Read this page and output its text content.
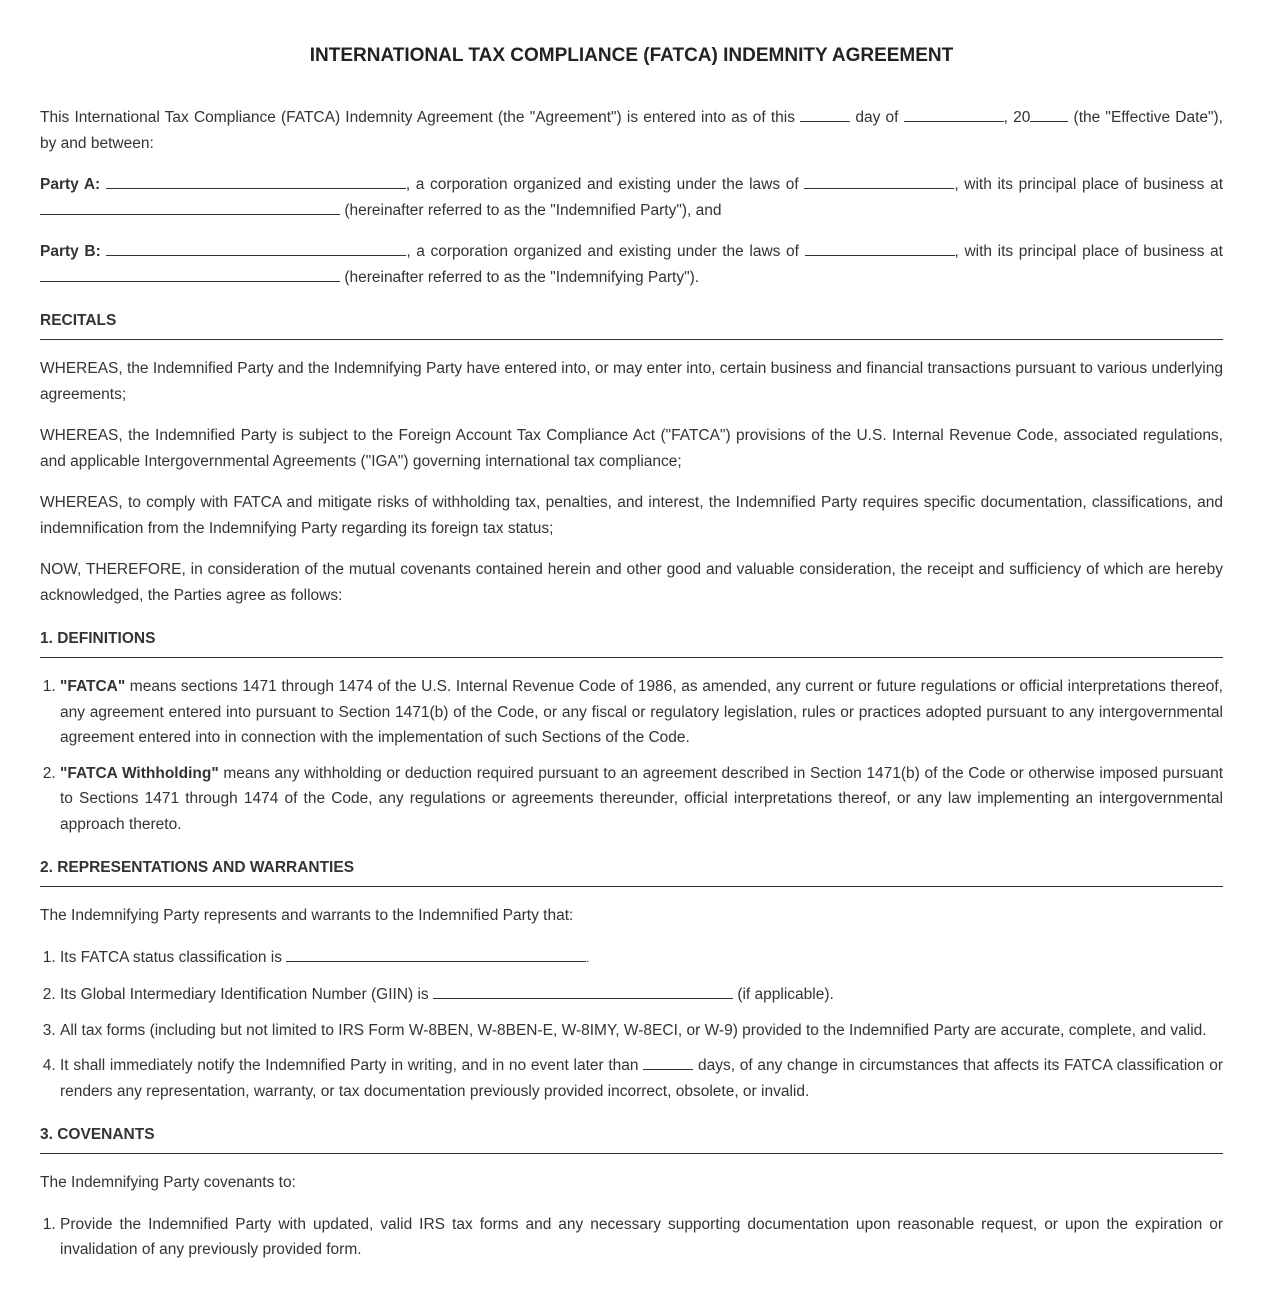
INTERNATIONAL TAX COMPLIANCE (FATCA) INDEMNITY AGREEMENT

This International Tax Compliance (FATCA) Indemnity Agreement (the "Agreement") is entered into as of this	day of	, 20	(the "Effective Date"), by and between:

Party A:	, a corporation organized and existing under the laws of	, with its principal place of business at  (hereinafter referred to as the "Indemnified Party"), and

Party B:	, a corporation organized and existing under the laws of	, with its principal place of business at  (hereinafter referred to as the "Indemnifying Party").

RECITALS

WHEREAS, the Indemnified Party and the Indemnifying Party have entered into, or may enter into, certain business and financial transactions pursuant to various underlying agreements;

WHEREAS, the Indemnified Party is subject to the Foreign Account Tax Compliance Act ("FATCA") provisions of the U.S. Internal Revenue Code, associated regulations, and applicable Intergovernmental Agreements ("IGA") governing international tax compliance;

WHEREAS, to comply with FATCA and mitigate risks of withholding tax, penalties, and interest, the Indemnified Party requires specific documentation, classifications, and indemnification from the Indemnifying Party regarding its foreign tax status;

NOW, THEREFORE, in consideration of the mutual covenants contained herein and other good and valuable consideration, the receipt and sufficiency of which are hereby acknowledged, the Parties agree as follows:

1. DEFINITIONS
1. "FATCA" means sections 1471 through 1474 of the U.S. Internal Revenue Code of 1986, as amended, any current or future regulations or official interpretations thereof, any agreement entered into pursuant to Section 1471(b) of the Code, or any fiscal or regulatory legislation, rules or practices adopted pursuant to any intergovernmental agreement entered into in connection with the implementation of such Sections of the Code.
2. "FATCA Withholding" means any withholding or deduction required pursuant to an agreement described in Section 1471(b) of the Code or otherwise imposed pursuant to Sections 1471 through 1474 of the Code, any regulations or agreements thereunder, official interpretations thereof, or any law implementing an intergovernmental approach thereto.
2. REPRESENTATIONS AND WARRANTIES

The Indemnifying Party represents and warrants to the Indemnified Party that:

1. Its FATCA status classification is	.
2. Its Global Intermediary Identification Number (GIIN) is	(if applicable).
3. All tax forms (including but not limited to IRS Form W-8BEN, W-8BEN-E, W-8IMY, W-8ECI, or W-9) provided to the Indemnified Party are accurate, complete, and valid.
4. It shall immediately notify the Indemnified Party in writing, and in no event later than	days, of any change in circumstances that affects its FATCA classification or renders any representation, warranty, or tax documentation previously provided incorrect, obsolete, or invalid.
3. COVENANTS

The Indemnifying Party covenants to:

1. Provide the Indemnified Party with updated, valid IRS tax forms and any necessary supporting documentation upon reasonable request, or upon the expiration or invalidation of any previously provided form.
